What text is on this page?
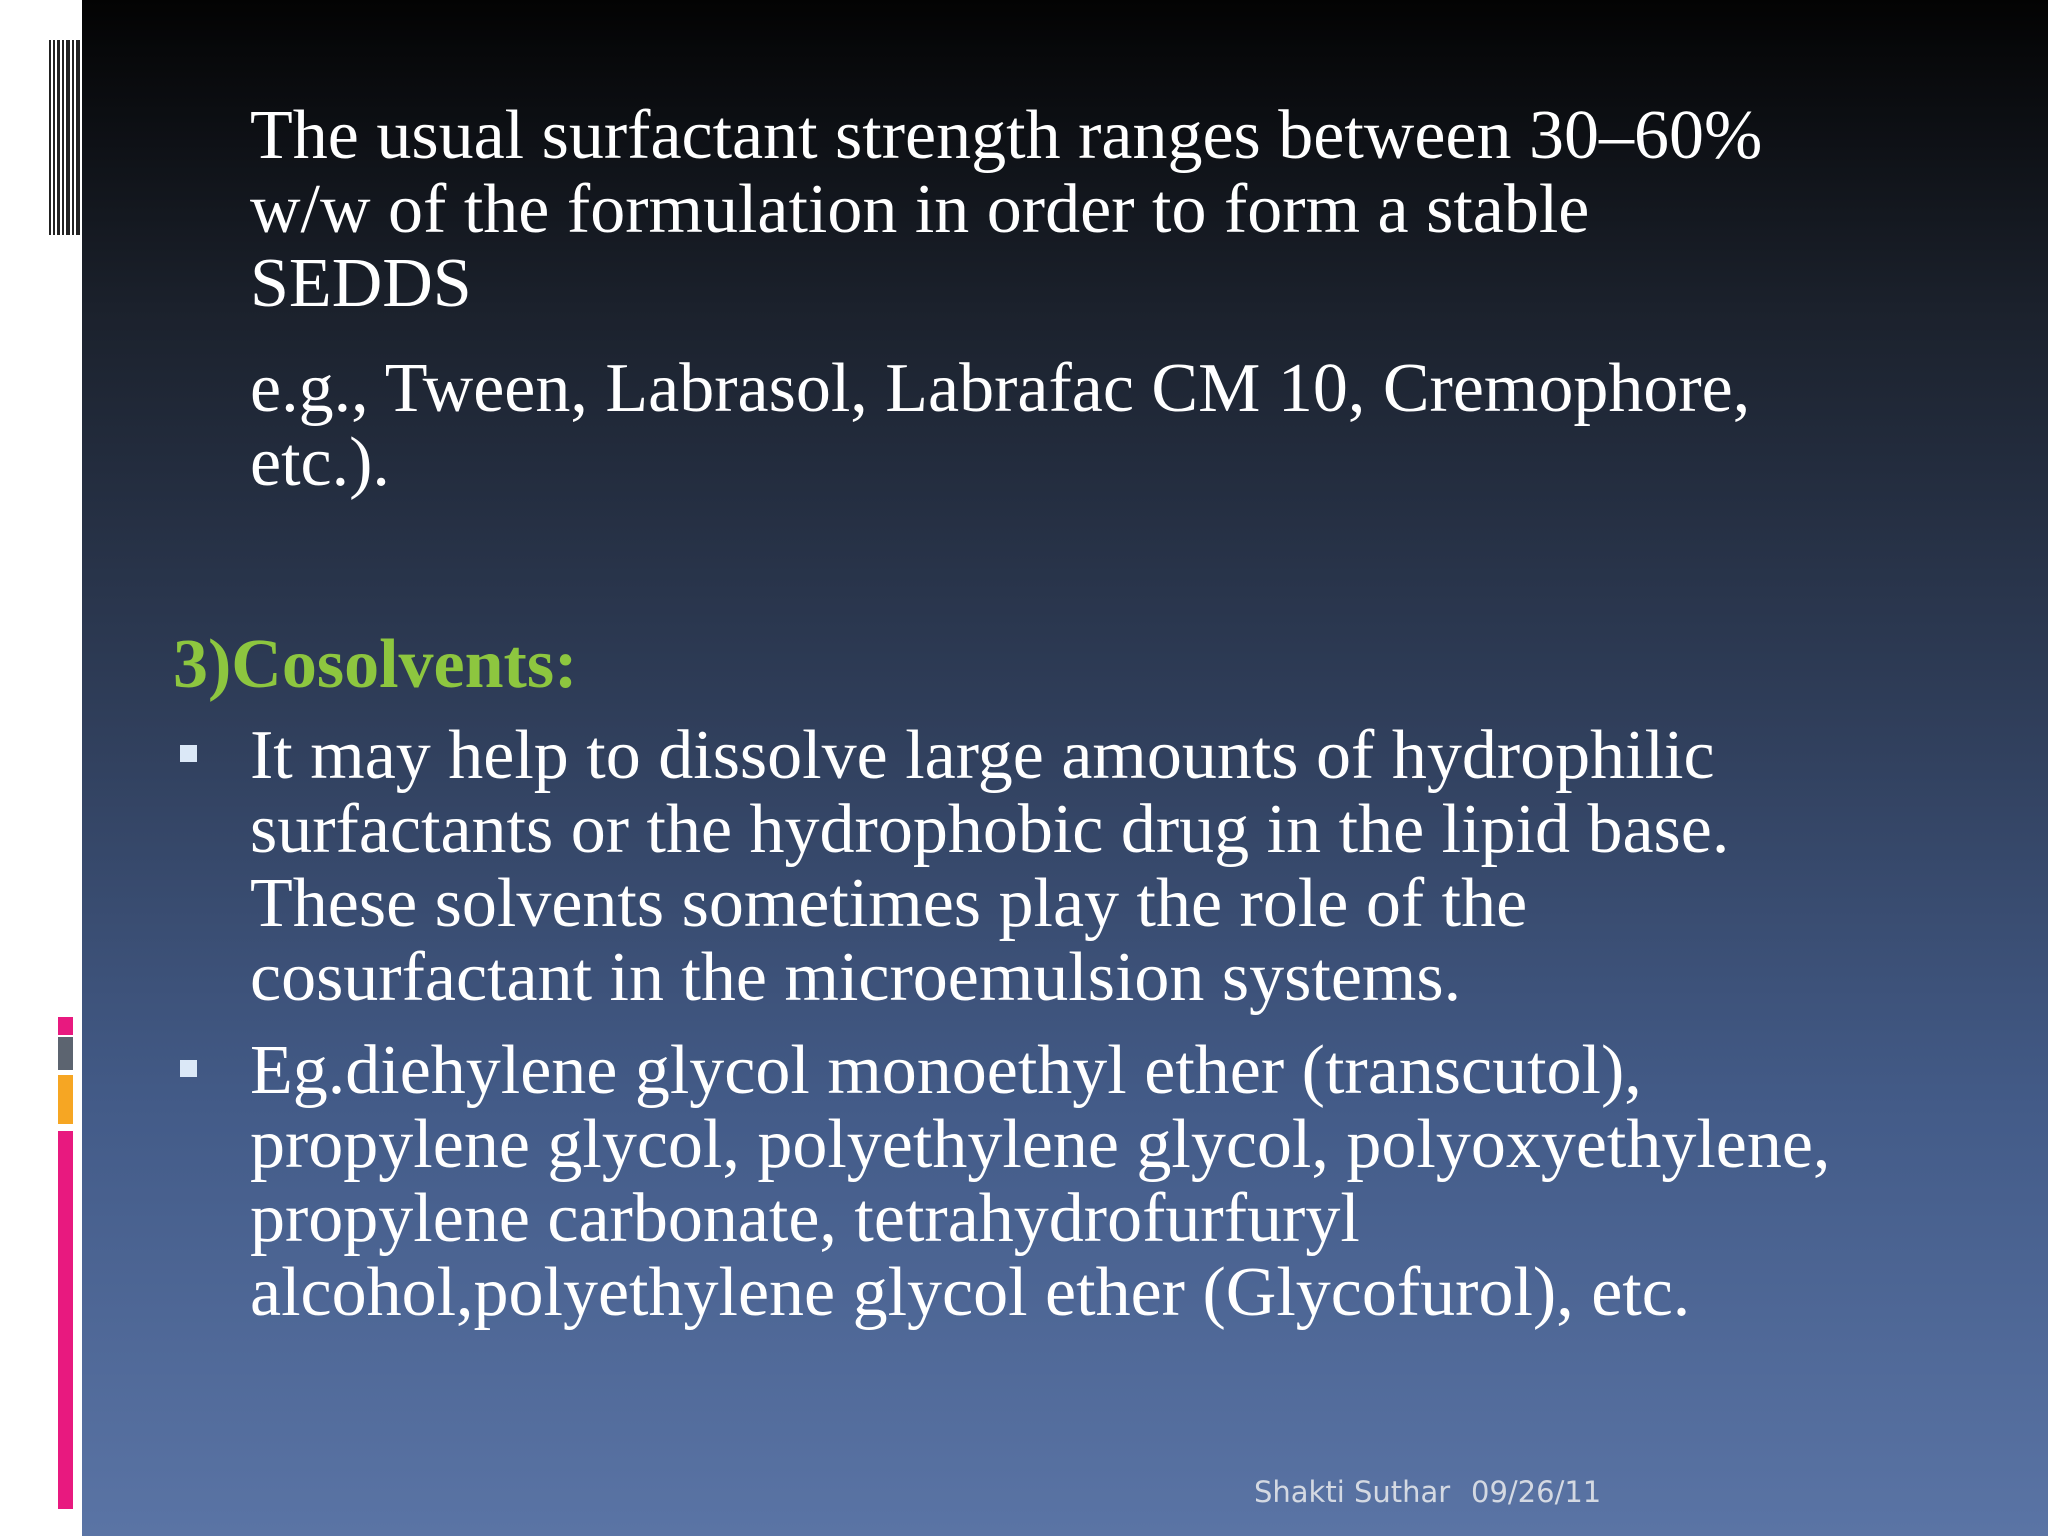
The usual surfactant strength ranges between 30–60%
w/w of the formulation in order to form a stable
SEDDS
e.g., Tween, Labrasol, Labrafac CM 10, Cremophore,
etc.).
3)Cosolvents:
It may help to dissolve large amounts of hydrophilic
surfactants or the hydrophobic drug in the lipid base.
These solvents sometimes play the role of the
cosurfactant in the microemulsion systems.
Eg.diehylene glycol monoethyl ether (transcutol),
propylene glycol, polyethylene glycol, polyoxyethylene,
propylene carbonate, tetrahydrofurfuryl
alcohol,polyethylene glycol ether (Glycofurol), etc.
Shakti Suthar 09/26/11
